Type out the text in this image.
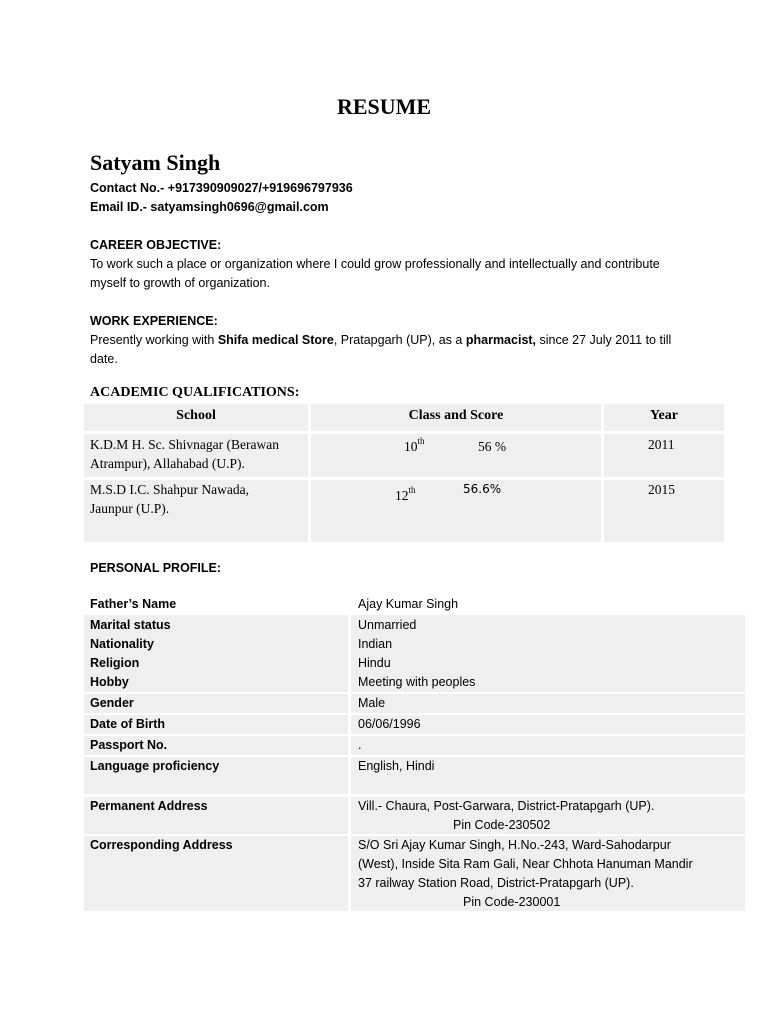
RESUME
Satyam Singh
Contact No.- +917390909027/+919696797936
Email ID.- satyamsingh0696@gmail.com
CAREER OBJECTIVE:
To work such a place or organization where I could grow professionally and intellectually and contribute
myself to growth of organization.
WORK EXPERIENCE:
Presently working with Shifa medical Store, Pratapgarh (UP), as a pharmacist, since 27 July 2011 to till
date.
ACADEMIC QUALIFICATIONS:
School	Class and Score	Year
K.D.M H. Sc. Shivnagar (Berawan
Atrampur), Allahabad (U.P).
10th	56 %	2011
M.S.D I.C. Shahpur Nawada,
Jaunpur (U.P).
12th	56.6%	2015
PERSONAL PROFILE:
Father’s Name	Ajay Kumar Singh
Marital status	Unmarried
Nationality	Indian
Religion	Hindu
Hobby	Meeting with peoples
Gender	Male
Date of Birth	06/06/1996
Passport No.	.
Language proficiency	English, Hindi
Permanent Address	Vill.- Chaura, Post-Garwara, District-Pratapgarh (UP).
Pin Code-230502
Corresponding Address	S/O Sri Ajay Kumar Singh, H.No.-243, Ward-Sahodarpur
(West), Inside Sita Ram Gali, Near Chhota Hanuman Mandir
37 railway Station Road, District-Pratapgarh (UP).
Pin Code-230001
